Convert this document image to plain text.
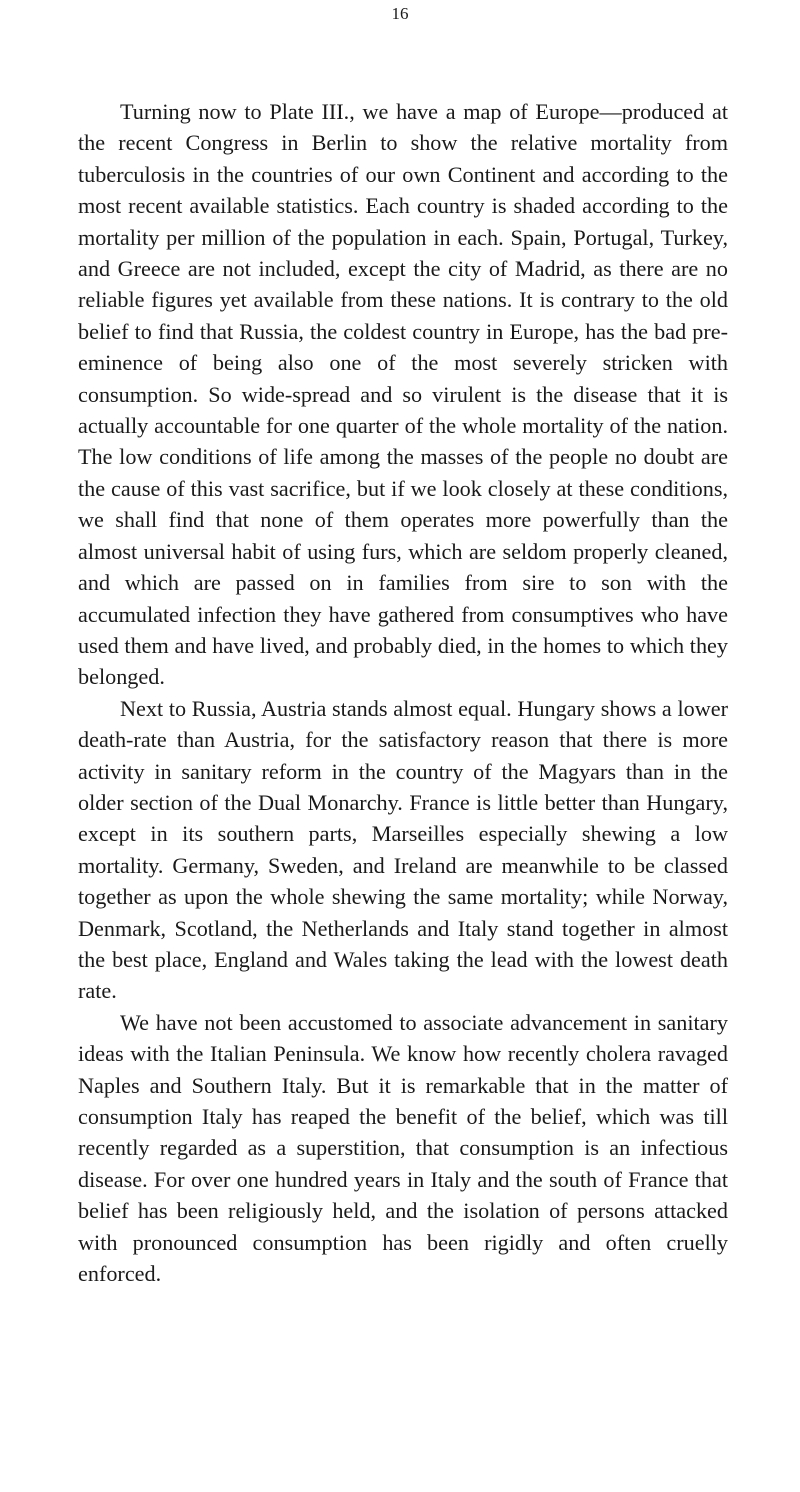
16

Turning now to Plate III., we have a map of Europe—produced at the recent Congress in Berlin to show the relative mortality from tuberculosis in the countries of our own Continent and according to the most recent available statistics. Each country is shaded according to the mortality per million of the population in each. Spain, Portugal, Turkey, and Greece are not included, except the city of Madrid, as there are no reliable figures yet available from these nations. It is contrary to the old belief to find that Russia, the coldest country in Europe, has the bad pre-eminence of being also one of the most severely stricken with consumption. So wide-spread and so virulent is the disease that it is actually accountable for one quarter of the whole mortality of the nation. The low conditions of life among the masses of the people no doubt are the cause of this vast sacrifice, but if we look closely at these conditions, we shall find that none of them operates more powerfully than the almost universal habit of using furs, which are seldom properly cleaned, and which are passed on in families from sire to son with the accumulated infection they have gathered from consumptives who have used them and have lived, and probably died, in the homes to which they belonged.

Next to Russia, Austria stands almost equal. Hungary shows a lower death-rate than Austria, for the satisfactory reason that there is more activity in sanitary reform in the country of the Magyars than in the older section of the Dual Monarchy. France is little better than Hungary, except in its southern parts, Marseilles especially shewing a low mortality. Germany, Sweden, and Ireland are meanwhile to be classed together as upon the whole shewing the same mortality; while Norway, Denmark, Scotland, the Netherlands and Italy stand together in almost the best place, England and Wales taking the lead with the lowest death rate.

We have not been accustomed to associate advancement in sanitary ideas with the Italian Peninsula. We know how recently cholera ravaged Naples and Southern Italy. But it is remarkable that in the matter of consumption Italy has reaped the benefit of the belief, which was till recently regarded as a superstition, that consumption is an infectious disease. For over one hundred years in Italy and the south of France that belief has been religiously held, and the isolation of persons attacked with pronounced consumption has been rigidly and often cruelly enforced.
